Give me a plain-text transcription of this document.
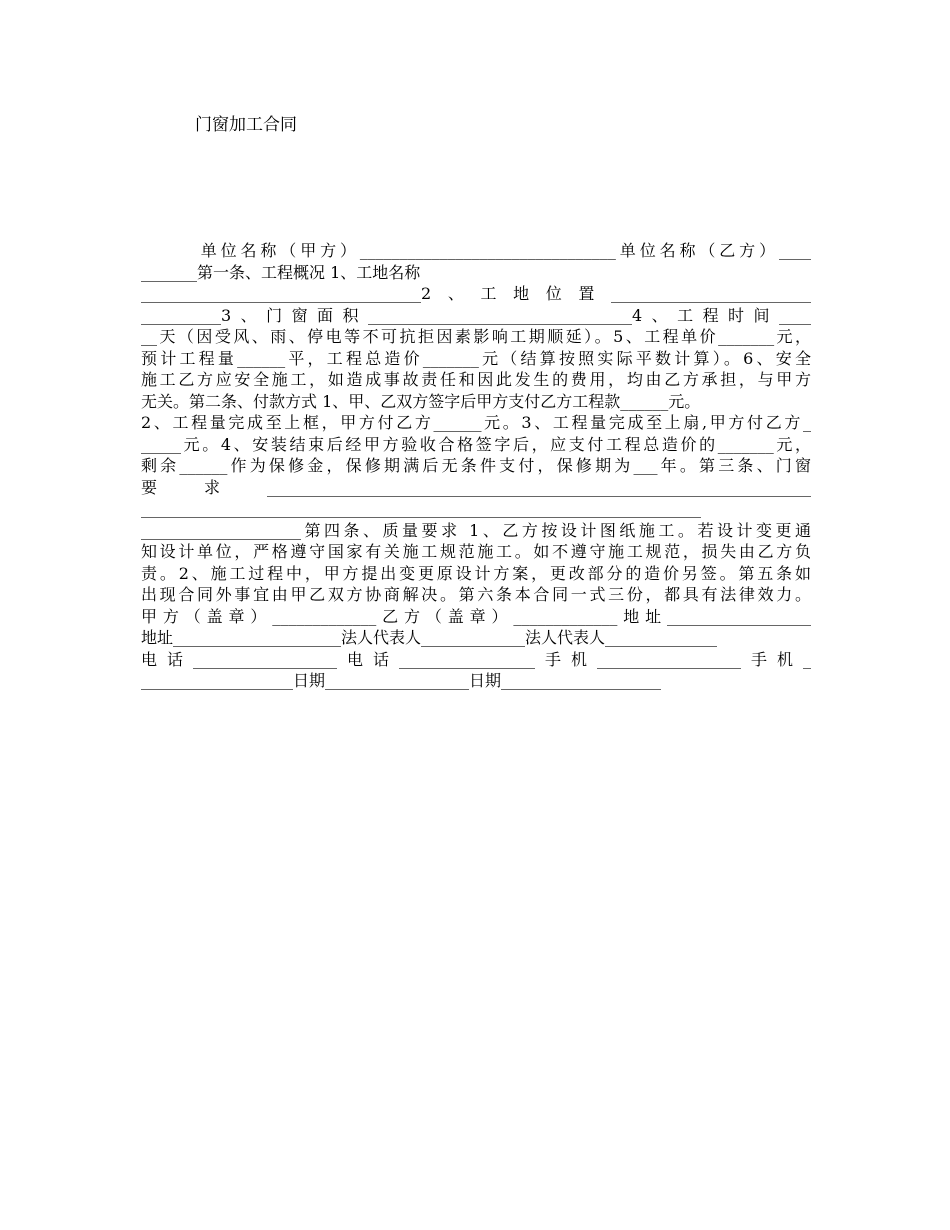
门窗加工合同
　　　单位名称（甲方）________________________________单位名称（乙方）____
_______第一条、工程概况 1、工地名称
___________________________________2、工地位置_________________________
__________3、门窗面积_________________________________4、工程时间____
__天（因受风、雨、停电等不可抗拒因素影响工期顺延）。5、工程单价_______元，
预计工程量______平，工程总造价_______元（结算按照实际平数计算）。6、安全
施工乙方应安全施工，如造成事故责任和因此发生的费用，均由乙方承担，与甲方
无关。第二条、付款方式 1、甲、乙双方签字后甲方支付乙方工程款______元。
2、工程量完成至上框，甲方付乙方______元。3、工程量完成至上扇,甲方付乙方_
_____元。4、安装结束后经甲方验收合格签字后，应支付工程总造价的_______元，
剩余______作为保修金，保修期满后无条件支付，保修期为___年。第三条、门窗
要求____________________________________________________________________
______________________________________________________________________
____________________第四条、质量要求 1、乙方按设计图纸施工。若设计变更通
知设计单位，严格遵守国家有关施工规范施工。如不遵守施工规范，损失由乙方负
责。2、施工过程中，甲方提出变更原设计方案，更改部分的造价另签。第五条如
出现合同外事宜由甲乙双方协商解决。第六条本合同一式三份，都具有法律效力。
甲方（盖章）_____________乙方（盖章）_____________地址__________________
地址_____________________法人代表人_____________法人代表人______________
电话__________________电话_________________手机__________________手机_
___________________日期__________________日期____________________
